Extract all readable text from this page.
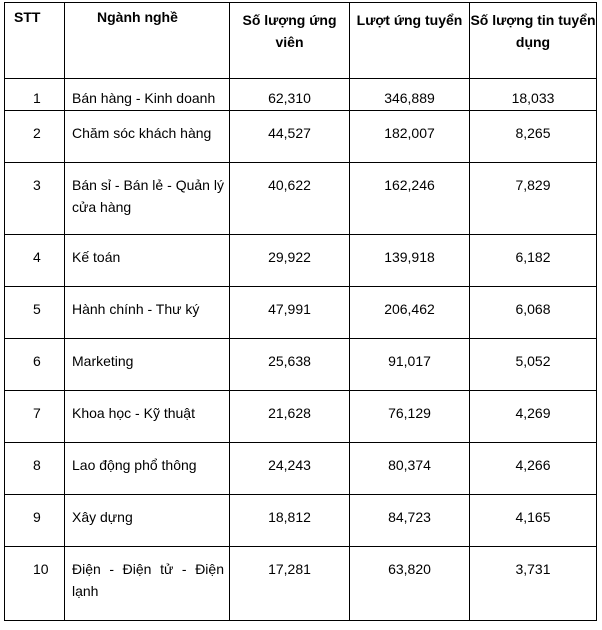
STT	Ngành nghề	Số lượng ứng viên	Lượt ứng tuyển	Số lượng tin tuyển dụng
1	Bán hàng - Kinh doanh	62,310	346,889	18,033
2	Chăm sóc khách hàng	44,527	182,007	8,265
3	Bán sỉ - Bán lẻ - Quản lý cửa hàng	40,622	162,246	7,829
4	Kế toán	29,922	139,918	6,182
5	Hành chính - Thư ký	47,991	206,462	6,068
6	Marketing	25,638	91,017	5,052
7	Khoa học - Kỹ thuật	21,628	76,129	4,269
8	Lao động phổ thông	24,243	80,374	4,266
9	Xây dựng	18,812	84,723	4,165
10	Điện - Điện tử - Điện lạnh	17,281	63,820	3,731
